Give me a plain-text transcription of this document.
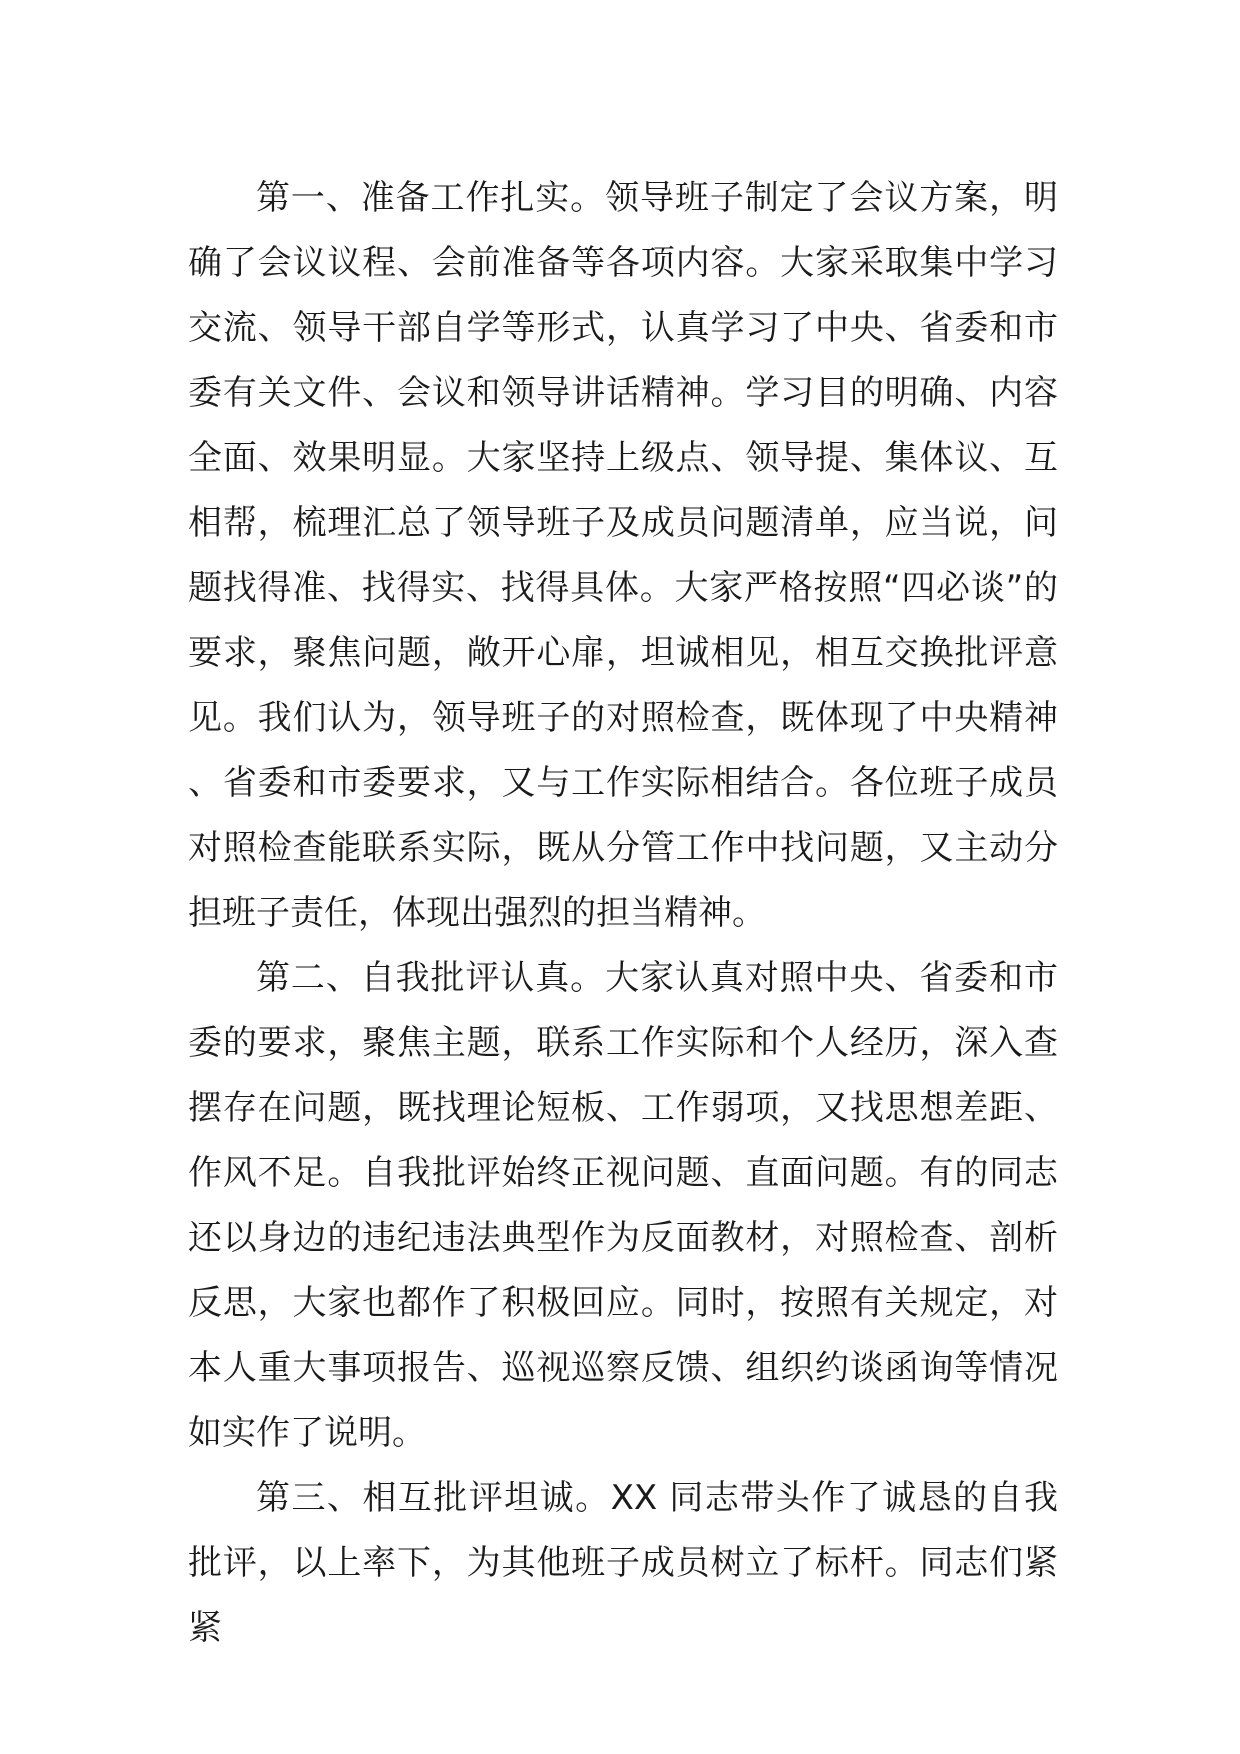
第一、准备工作扎实。领导班子制定了会议方案，明确了会议议程、会前准备等各项内容。大家采取集中学习交流、领导干部自学等形式，认真学习了中央、省委和市委有关文件、会议和领导讲话精神。学习目的明确、内容全面、效果明显。大家坚持上级点、领导提、集体议、互相帮，梳理汇总了领导班子及成员问题清单，应当说，问题找得准、找得实、找得具体。大家严格按照“四必谈”的要求，聚焦问题，敞开心扉，坦诚相见，相互交换批评意见。我们认为，领导班子的对照检查，既体现了中央精神、省委和市委要求，又与工作实际相结合。各位班子成员对照检查能联系实际，既从分管工作中找问题，又主动分担班子责任，体现出强烈的担当精神。

第二、自我批评认真。大家认真对照中央、省委和市委的要求，聚焦主题，联系工作实际和个人经历，深入查摆存在问题，既找理论短板、工作弱项，又找思想差距、作风不足。自我批评始终正视问题、直面问题。有的同志还以身边的违纪违法典型作为反面教材，对照检查、剖析反思，大家也都作了积极回应。同时，按照有关规定，对本人重大事项报告、巡视巡察反馈、组织约谈函询等情况如实作了说明。

第三、相互批评坦诚。XX 同志带头作了诚恳的自我批评，以上率下，为其他班子成员树立了标杆。同志们紧紧
